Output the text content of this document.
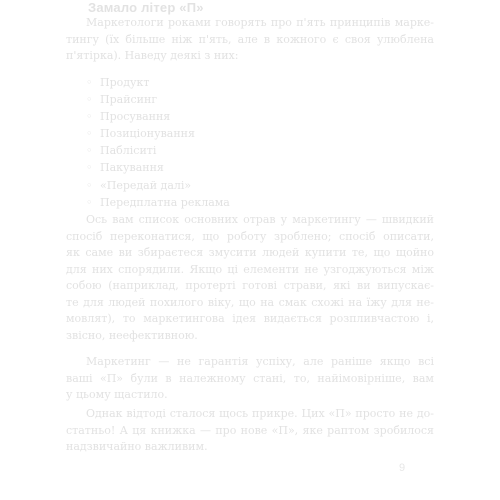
Замало літер «П»
Маркетологи роками говорять про п'ять принципів марке-
тингу (їх більше ніж п'ять, але в кожного є своя улюблена
п'ятірка). Наведу деякі з них:
◦ Продукт
◦ Прайсинг
◦ Просування
◦ Позиціонування
◦ Пабліситі
◦ Пакування
◦ «Передай далі»
◦ Передплатна реклама
Ось вам список основних отрав у маркетингу — швидкий
спосіб переконатися, що роботу зроблено; спосіб описати,
як саме ви збираєтеся змусити людей купити те, що щойно
для них спорядили. Якщо ці елементи не узгоджуються між
собою (наприклад, протерті готові страви, які ви випускає-
те для людей похилого віку, що на смак схожі на їжу для не-
мовлят), то маркетингова ідея видається розпливчастою і,
звісно, неефективною.
Маркетинг — не гарантія успіху, але раніше якщо всі
ваші «П» були в належному стані, то, найімовірніше, вам
у цьому щастило.
Однак відтоді сталося щось прикре. Цих «П» просто не до-
статньо! А ця книжка — про нове «П», яке раптом зробилося
надзвичайно важливим.
9
